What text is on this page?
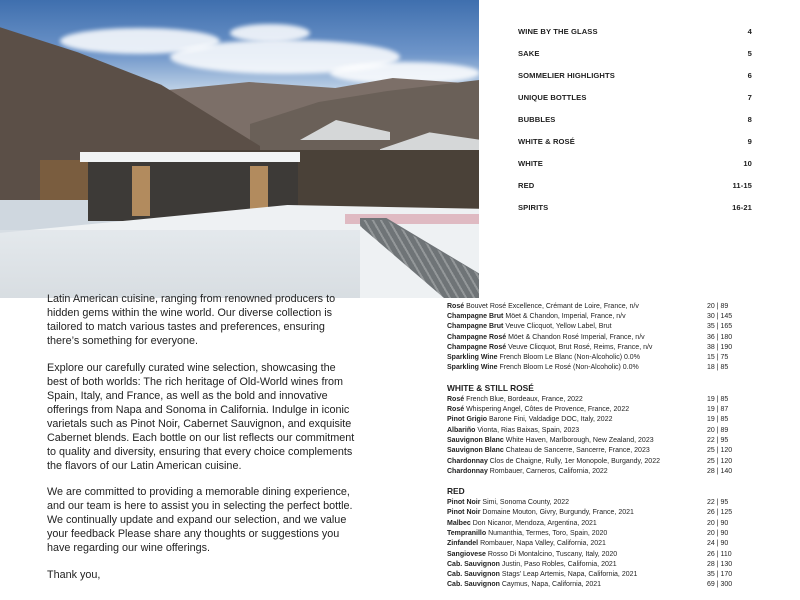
WINE BY THE GLASS	4
SAKE	5
SOMMELIER HIGHLIGHTS	6
UNIQUE BOTTLES	7
BUBBLES	8
WHITE & ROSÉ	9
WHITE	10
RED	11-15
SPIRITS	16-21

Latin American cuisine, ranging from renowned producers to hidden gems within the wine world. Our diverse collection is tailored to match various tastes and preferences, ensuring there’s something for everyone.

Explore our carefully curated wine selection, showcasing the best of both worlds: The rich heritage of Old-World wines from Spain, Italy, and France, as well as the bold and innovative offerings from Napa and Sonoma in California. Indulge in iconic varietals such as Pinot Noir, Cabernet Sauvignon, and exquisite Cabernet blends. Each bottle on our list reflects our commitment to quality and diversity, ensuring that every choice complements the flavors of our Latin American cuisine.

We are committed to providing a memorable dining experience, and our team is here to assist you in selecting the perfect bottle. We continually update and expand our selection, and we value your feedback Please share any thoughts or suggestions you have regarding our wine offerings.

Thank you,

Rosé Bouvet Rosé Excellence, Crémant de Loire, France, n/v	20 | 89
Champagne Brut Möet & Chandon, Imperial, France, n/v	30 | 145
Champagne Brut Veuve Clicquot, Yellow Label, Brut	35 | 165
Champagne Rosé Möet & Chandon Rosé Imperial, France, n/v	36 | 180
Champagne Rosé Veuve Clicquot, Brut Rosé, Reims, France, n/v	38 | 190
Sparkling Wine French Bloom Le Blanc (Non-Alcoholic) 0.0%	15 | 75
Sparkling Wine French Bloom Le Rosé (Non-Alcoholic) 0.0%	18 | 85
WHITE & STILL ROSÉ
Rosé French Blue, Bordeaux, France, 2022	19 | 85
Rosé Whispering Angel, Côtes de Provence, France, 2022	19 | 87
Pinot Grigio Barone Fini, Valdadige DOC, Italy, 2022	19 | 85
Albariño Vionta, Rias Baixas, Spain, 2023	20 | 89
Sauvignon Blanc White Haven, Marlborough, New Zealand, 2023	22 | 95
Sauvignon Blanc Chateau de Sancerre, Sancerre, France, 2023	25 | 120
Chardonnay Clos de Chaigne, Rully, 1er Monopole, Burgandy, 2022	25 | 120
Chardonnay Rombauer, Carneros, California, 2022	28 | 140
RED
Pinot Noir Simi, Sonoma County, 2022	22 | 95
Pinot Noir Domaine Mouton, Givry, Burgundy, France, 2021	26 | 125
Malbec Don Nicanor, Mendoza, Argentina, 2021	20 | 90
Tempranillo Numanthia, Termes, Toro, Spain, 2020	20 | 90
Zinfandel Rombauer, Napa Valley, California, 2021	24 | 90
Sangiovese Rosso Di Montalcino, Tuscany, Italy, 2020	26 | 110
Cab. Sauvignon Justin, Paso Robles, California, 2021	28 | 130
Cab. Sauvignon Stags’ Leap Artemis, Napa, California, 2021	35 | 170
Cab. Sauvignon Caymus, Napa, California, 2021	69 | 300
